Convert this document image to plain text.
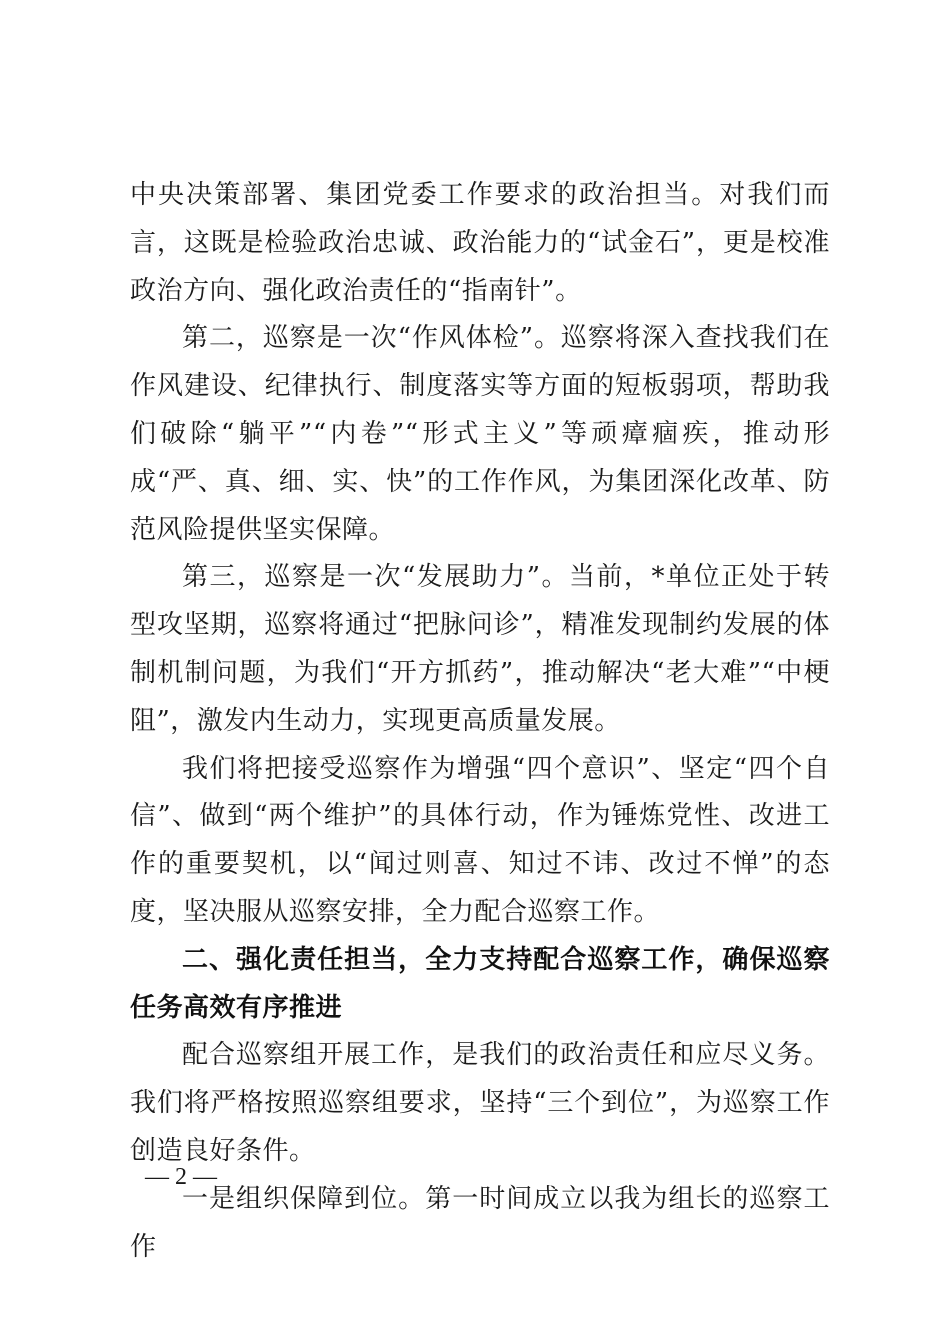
中央决策部署、集团党委工作要求的政治担当。对我们而言，这既是检验政治忠诚、政治能力的“试金石”，更是校准政治方向、强化政治责任的“指南针”。

第二，巡察是一次“作风体检”。巡察将深入查找我们在作风建设、纪律执行、制度落实等方面的短板弱项，帮助我们破除“躺平”“内卷”“形式主义”等顽瘴痼疾，推动形成“严、真、细、实、快”的工作作风，为集团深化改革、防范风险提供坚实保障。

第三，巡察是一次“发展助力”。当前，*单位正处于转型攻坚期，巡察将通过“把脉问诊”，精准发现制约发展的体制机制问题，为我们“开方抓药”，推动解决“老大难”“中梗阻”，激发内生动力，实现更高质量发展。

我们将把接受巡察作为增强“四个意识”、坚定“四个自信”、做到“两个维护”的具体行动，作为锤炼党性、改进工作的重要契机，以“闻过则喜、知过不讳、改过不惮”的态度，坚决服从巡察安排，全力配合巡察工作。

二、强化责任担当，全力支持配合巡察工作，确保巡察任务高效有序推进

配合巡察组开展工作，是我们的政治责任和应尽义务。我们将严格按照巡察组要求，坚持“三个到位”，为巡察工作创造良好条件。

一是组织保障到位。第一时间成立以我为组长的巡察工作

— 2 —
